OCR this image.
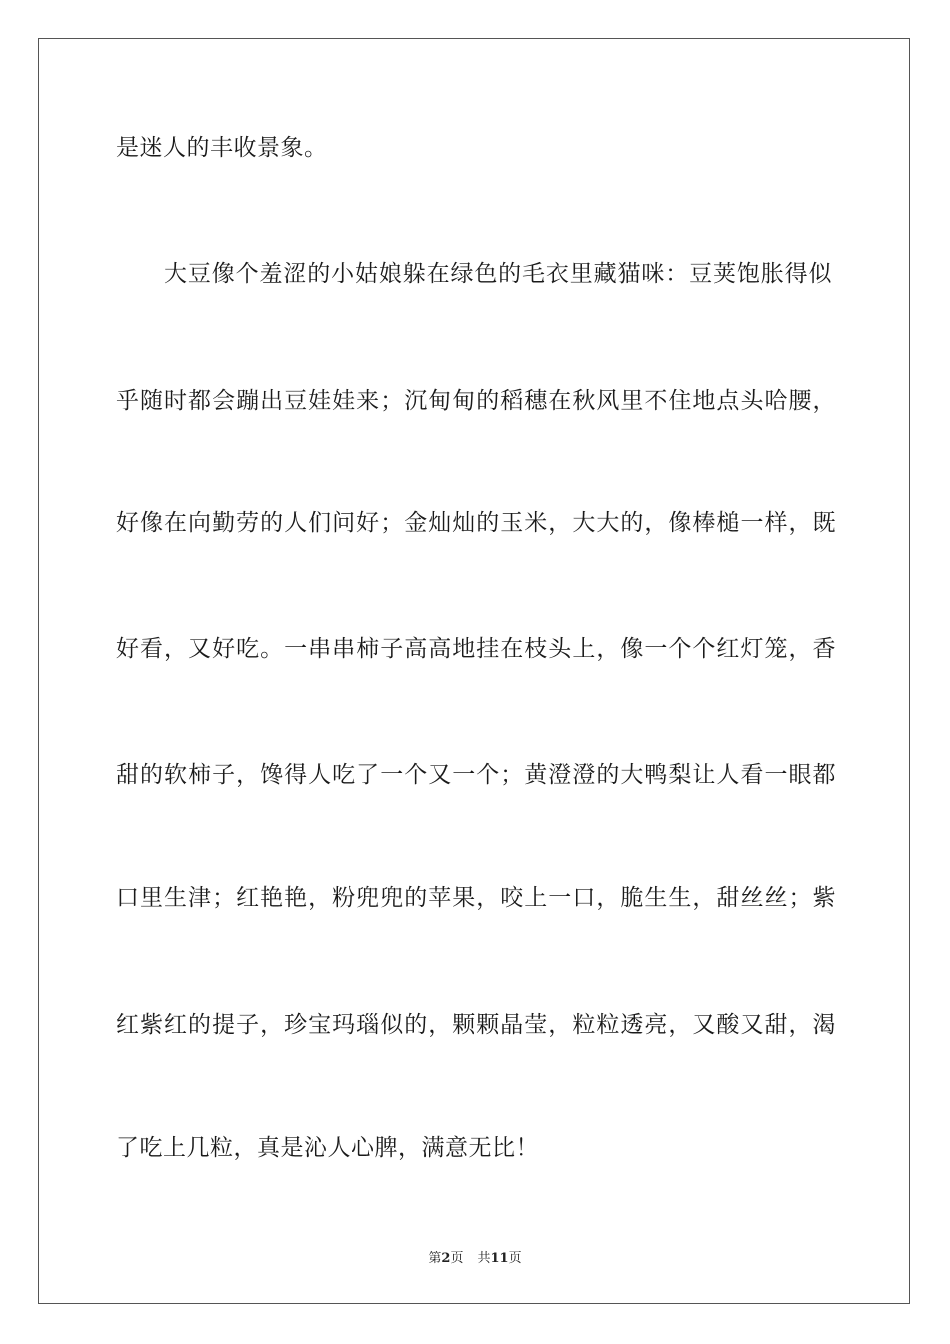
是迷人的丰收景象。
大豆像个羞涩的小姑娘躲在绿色的毛衣里藏猫咪：豆荚饱胀得似
乎随时都会蹦出豆娃娃来；沉甸甸的稻穗在秋风里不住地点头哈腰，
好像在向勤劳的人们问好；金灿灿的玉米，大大的，像棒槌一样，既
好看，又好吃。一串串柿子高高地挂在枝头上，像一个个红灯笼，香
甜的软柿子，馋得人吃了一个又一个；黄澄澄的大鸭梨让人看一眼都
口里生津；红艳艳，粉兜兜的苹果，咬上一口，脆生生，甜丝丝；紫
红紫红的提子，珍宝玛瑙似的，颗颗晶莹，粒粒透亮，又酸又甜，渴
了吃上几粒，真是沁人心脾，满意无比！
第2页 共11页
